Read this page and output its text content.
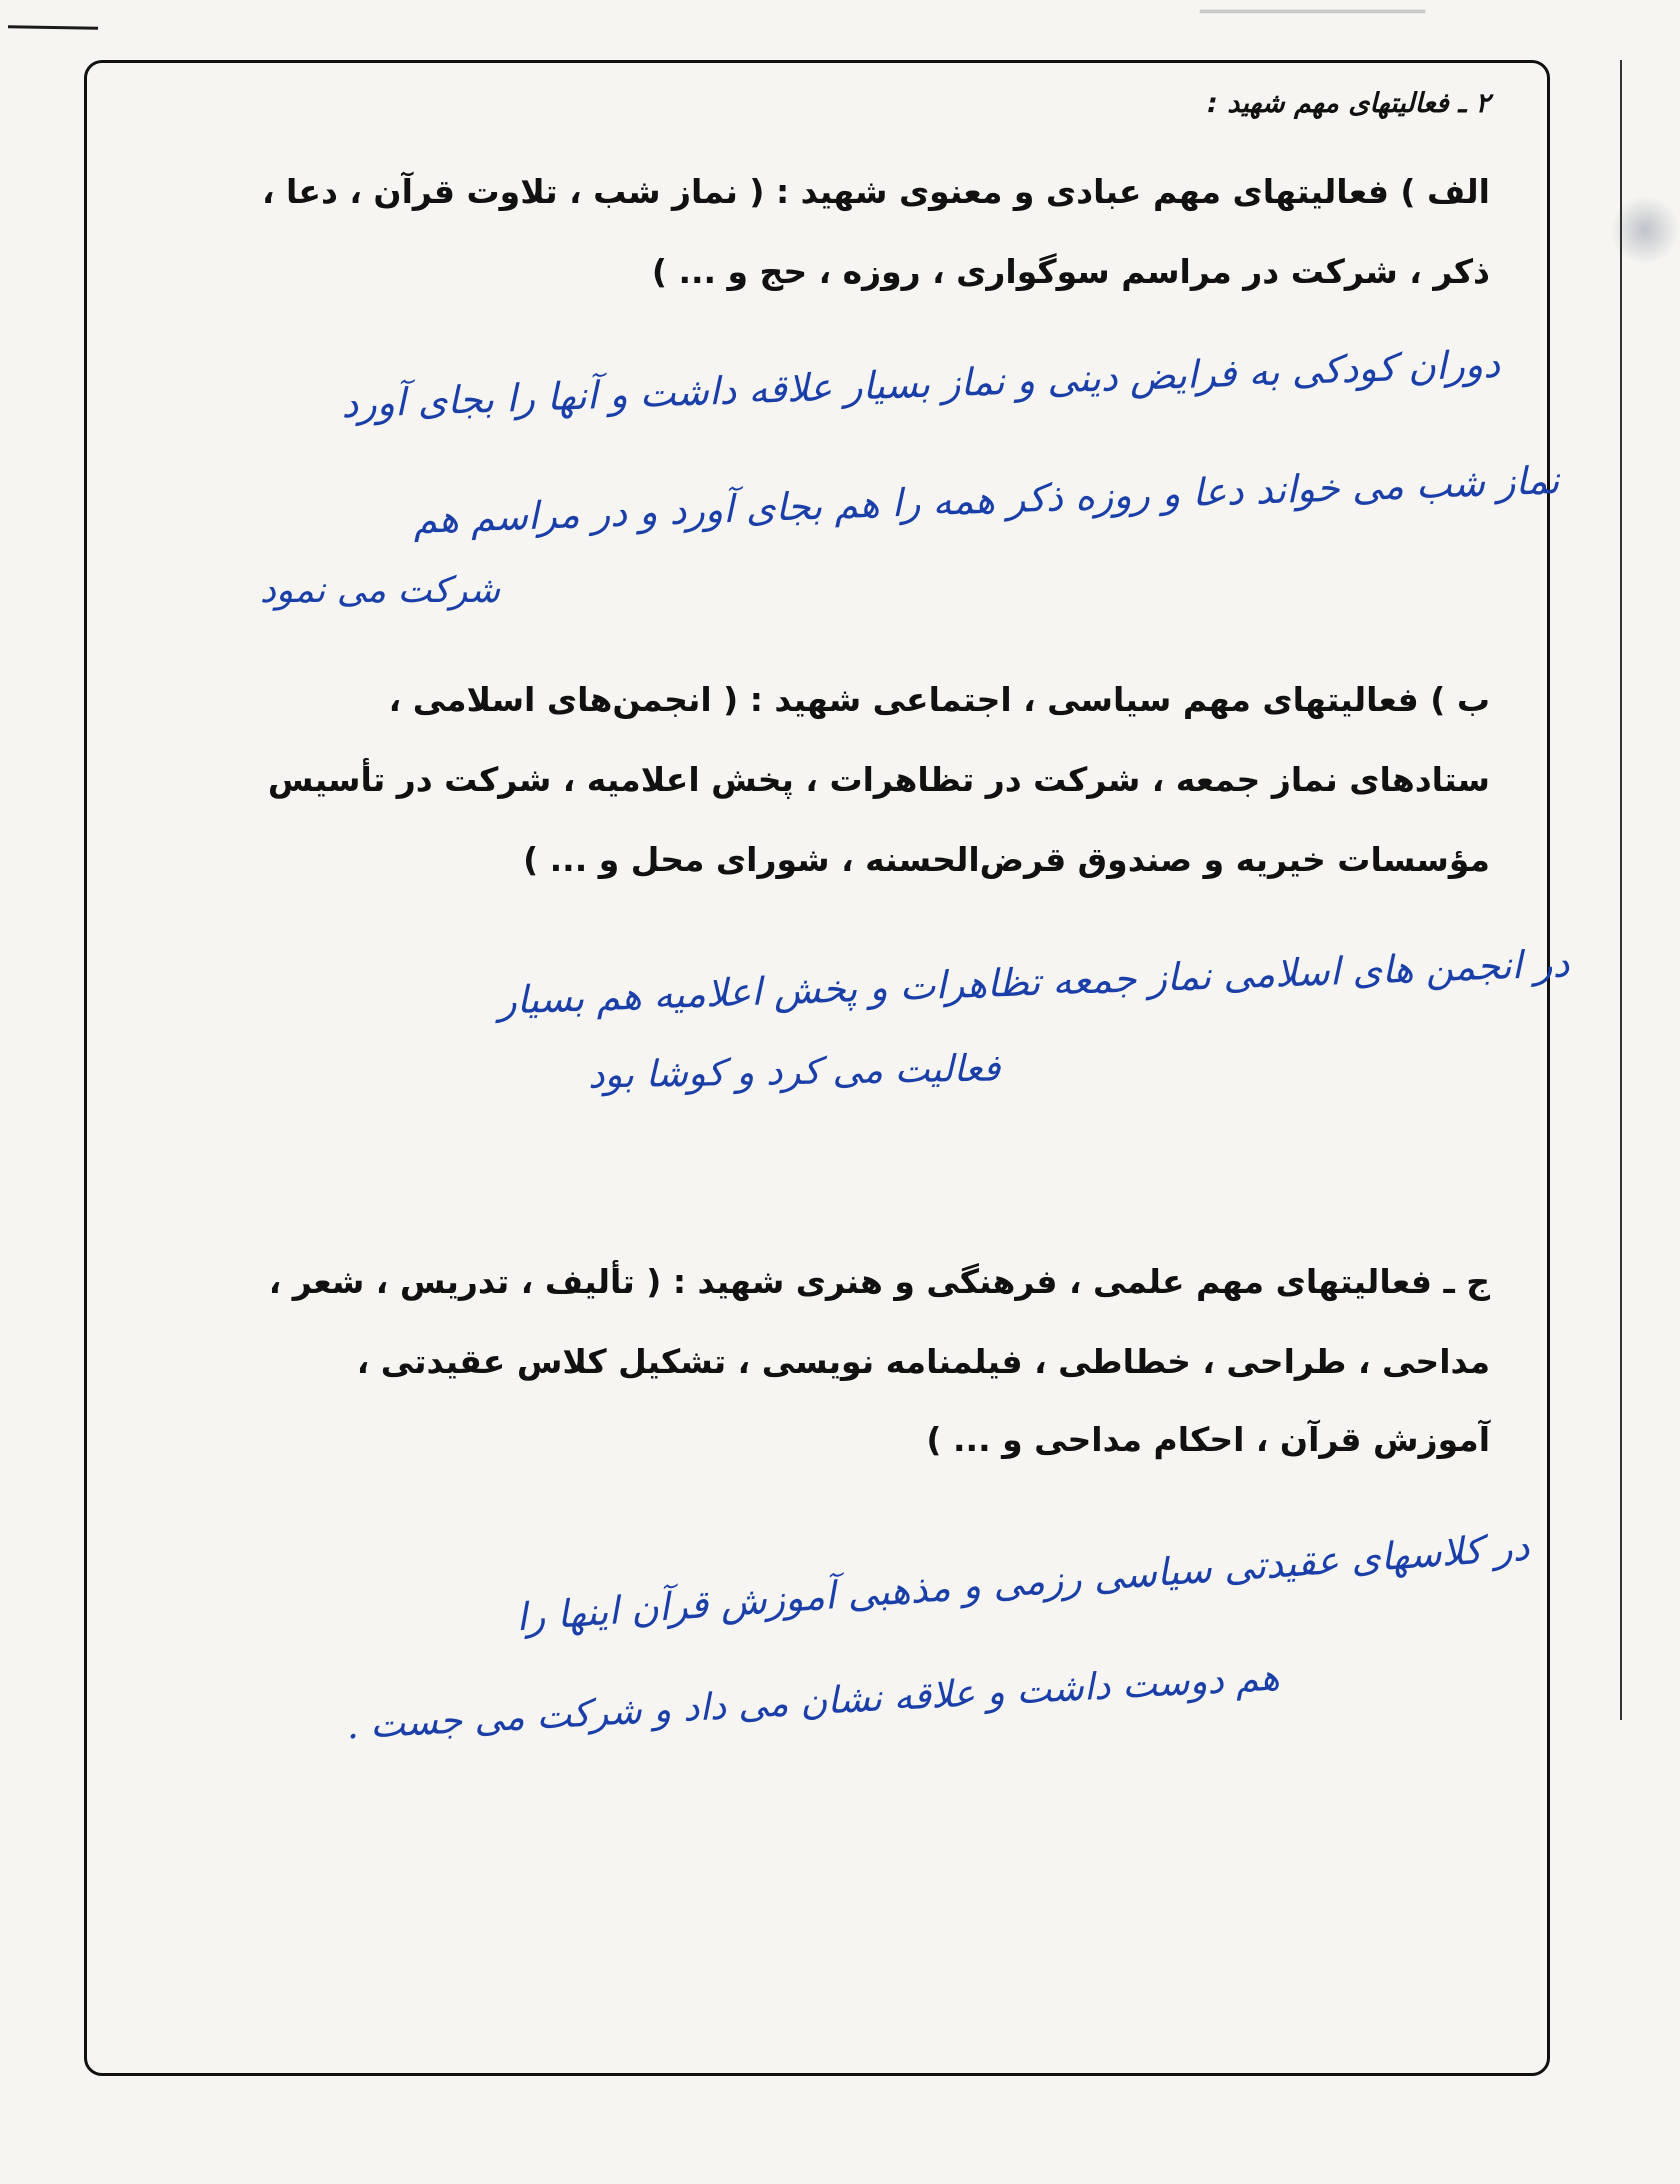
━━━━━━━━━━━━━━━━━
۲ ـ فعالیتهای مهم شهید :
الف ) فعالیتهای مهم عبادی و معنوی شهید : ( نماز شب ، تلاوت قرآن ، دعا ،
ذکر ، شرکت در مراسم سوگواری ، روزه ، حج و ... )
دوران کودکی به فرایض دینی و نماز بسیار علاقه داشت و آنها را بجای آورد
نماز شب می خواند دعا و روزه ذکر همه را هم بجای آورد و در مراسم هم
شرکت می نمود
ب ) فعالیتهای مهم سیاسی ، اجتماعی شهید : ( انجمن‌های اسلامی ،
ستادهای نماز جمعه ، شرکت در تظاهرات ، پخش اعلامیه ، شرکت در تأسیس
مؤسسات خیریه و صندوق قرض‌الحسنه ، شورای محل و ... )
در انجمن های اسلامی نماز جمعه تظاهرات و پخش اعلامیه هم بسیار
فعالیت می کرد و کوشا بود
ج ـ فعالیتهای مهم علمی ، فرهنگی و هنری شهید : ( تألیف ، تدریس ، شعر ،
مداحی ، طراحی ، خطاطی ، فیلمنامه نویسی ، تشکیل کلاس عقیدتی ،
آموزش قرآن ، احکام مداحی و ... )
در کلاسهای عقیدتی سیاسی رزمی و مذهبی آموزش قرآن اینها را
هم دوست داشت و علاقه نشان می داد و شرکت می جست .
